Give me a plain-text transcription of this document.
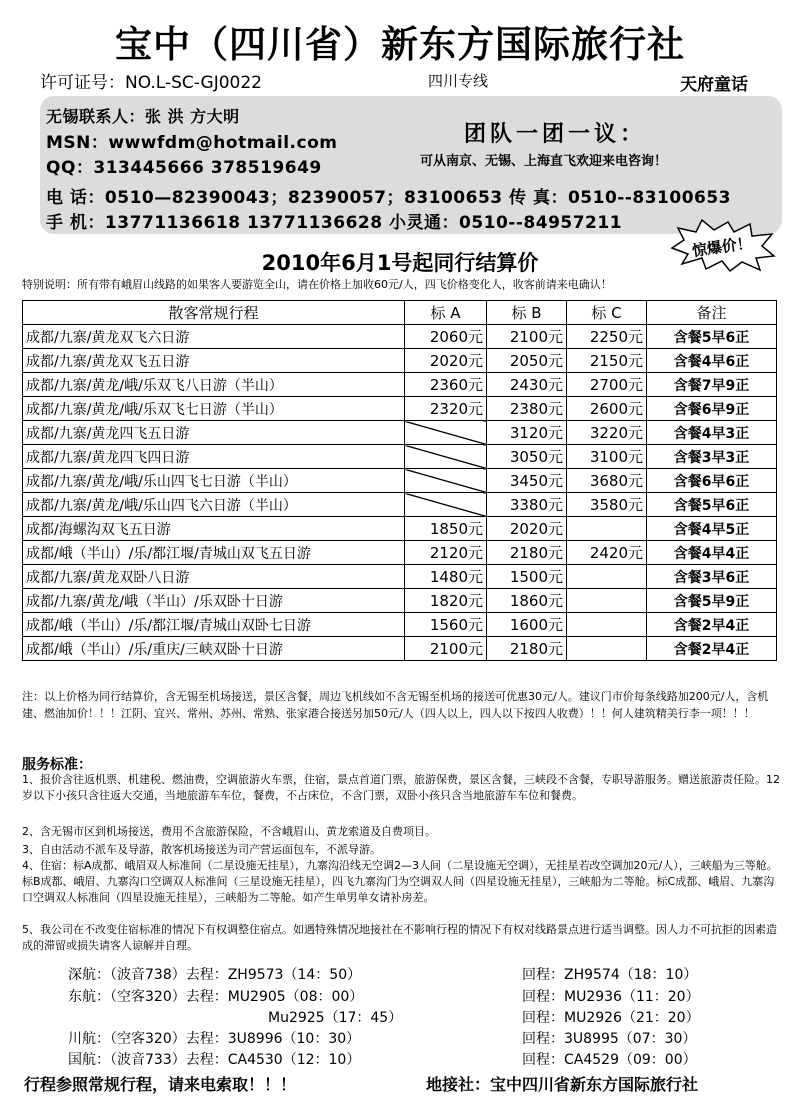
宝中（四川省）新东方国际旅行社
许可证号：NO.L-SC-GJ0022	四川专线	天府童话
无锡联系人：张 洪 方大明
MSN：wwwfdm@hotmail.com
QQ：313445666 378519649
电 话：0510—82390043；82390057；83100653 传 真：0510--83100653
手 机：13771136618 13771136628 小灵通：0510--84957211
团队一团一议：
可从南京、无锡、上海直飞欢迎来电咨询！
惊爆价！
2010年6月1号起同行结算价
特别说明：所有带有峨眉山线路的如果客人要游览全山，请在价格上加收60元/人，四飞价格变化人，收客前请来电确认！
散客常规行程	标 A	标 B	标 C	备注
成都/九寨/黄龙双飞六日游	2060元	2100元	2250元	含餐5早6正
成都/九寨/黄龙双飞五日游	2020元	2050元	2150元	含餐4早6正
成都/九寨/黄龙/峨/乐双飞八日游（半山）	2360元	2430元	2700元	含餐7早9正
成都/九寨/黄龙/峨/乐双飞七日游（半山）	2320元	2380元	2600元	含餐6早9正
成都/九寨/黄龙四飞五日游		3120元	3220元	含餐4早3正
成都/九寨/黄龙四飞四日游		3050元	3100元	含餐3早3正
成都/九寨/黄龙/峨/乐山四飞七日游（半山）		3450元	3680元	含餐6早6正
成都/九寨/黄龙/峨/乐山四飞六日游（半山）		3380元	3580元	含餐5早6正
成都/海螺沟双飞五日游	1850元	2020元		含餐4早5正
成都/峨（半山）/乐/都江堰/青城山双飞五日游	2120元	2180元	2420元	含餐4早4正
成都/九寨/黄龙双卧八日游	1480元	1500元		含餐3早6正
成都/九寨/黄龙/峨（半山）/乐双卧十日游	1820元	1860元		含餐5早9正
成都/峨（半山）/乐/都江堰/青城山双卧七日游	1560元	1600元		含餐2早4正
成都/峨（半山）/乐/重庆/三峡双卧十日游	2100元	2180元		含餐2早4正
注：以上价格为同行结算价，含无锡至机场接送，景区含餐，周边飞机线如不含无锡至机场的接送可优惠30元/人。建议门市价每条线路加200元/人，含机建、燃油加价！！！江阴、宜兴、常州、苏州、常熟、张家港合接送另加50元/人（四人以上，四人以下按四人收费）！！何人建筑精美行李一项！！！
服务标准：
1、报价含往返机票、机建税、燃油费，空调旅游火车票，住宿，景点首道门票，旅游保费，景区含餐，三峡段不含餐，专职导游服务。赠送旅游责任险。12岁以下小孩只含往返大交通，当地旅游车车位，餐费，不占床位，不含门票，双卧小孩只含当地旅游车车位和餐费。
2、含无锡市区到机场接送，费用不含旅游保险，不含峨眉山、黄龙索道及自费项目。
3、自由活动不派车及导游，散客机场接送为司产营运面包车，不派导游。
4、住宿：标A成都、峨眉双人标准间（二星设施无挂星），九寨沟沿线无空调2—3人间（二星设施无空调），无挂星若改空调加20元/人），三峡船为三等舱。标B成都、峨眉、九寨沟口空调双人标准间（三星设施无挂星），四飞九寨沟门为空调双人间（四星设施无挂星），三峡船为二等舱。标C成都、峨眉、九寨沟口空调双人标准间（四星设施无挂星），三峡船为二等舱。如产生单男单女请补房差。
5、我公司在不改变住宿标准的情况下有权调整住宿点。如遇特殊情况地接社在不影响行程的情况下有权对线路景点进行适当调整。因人力不可抗拒的因素造成的滞留或损失请客人谅解并自理。
深航：（波音738）去程：ZH9573（14：50）	回程：ZH9574（18：10）
东航：（空客320）去程：MU2905（08：00）	回程：MU2936（11：20）
Mu2925（17：45）	回程：MU2926（21：20）
川航：（空客320）去程：3U8996（10：30）	回程：3U8995（07：30）
国航：（波音733）去程：CA4530（12：10）	回程：CA4529（09：00）
行程参照常规行程，请来电索取！！！	地接社：宝中四川省新东方国际旅行社
